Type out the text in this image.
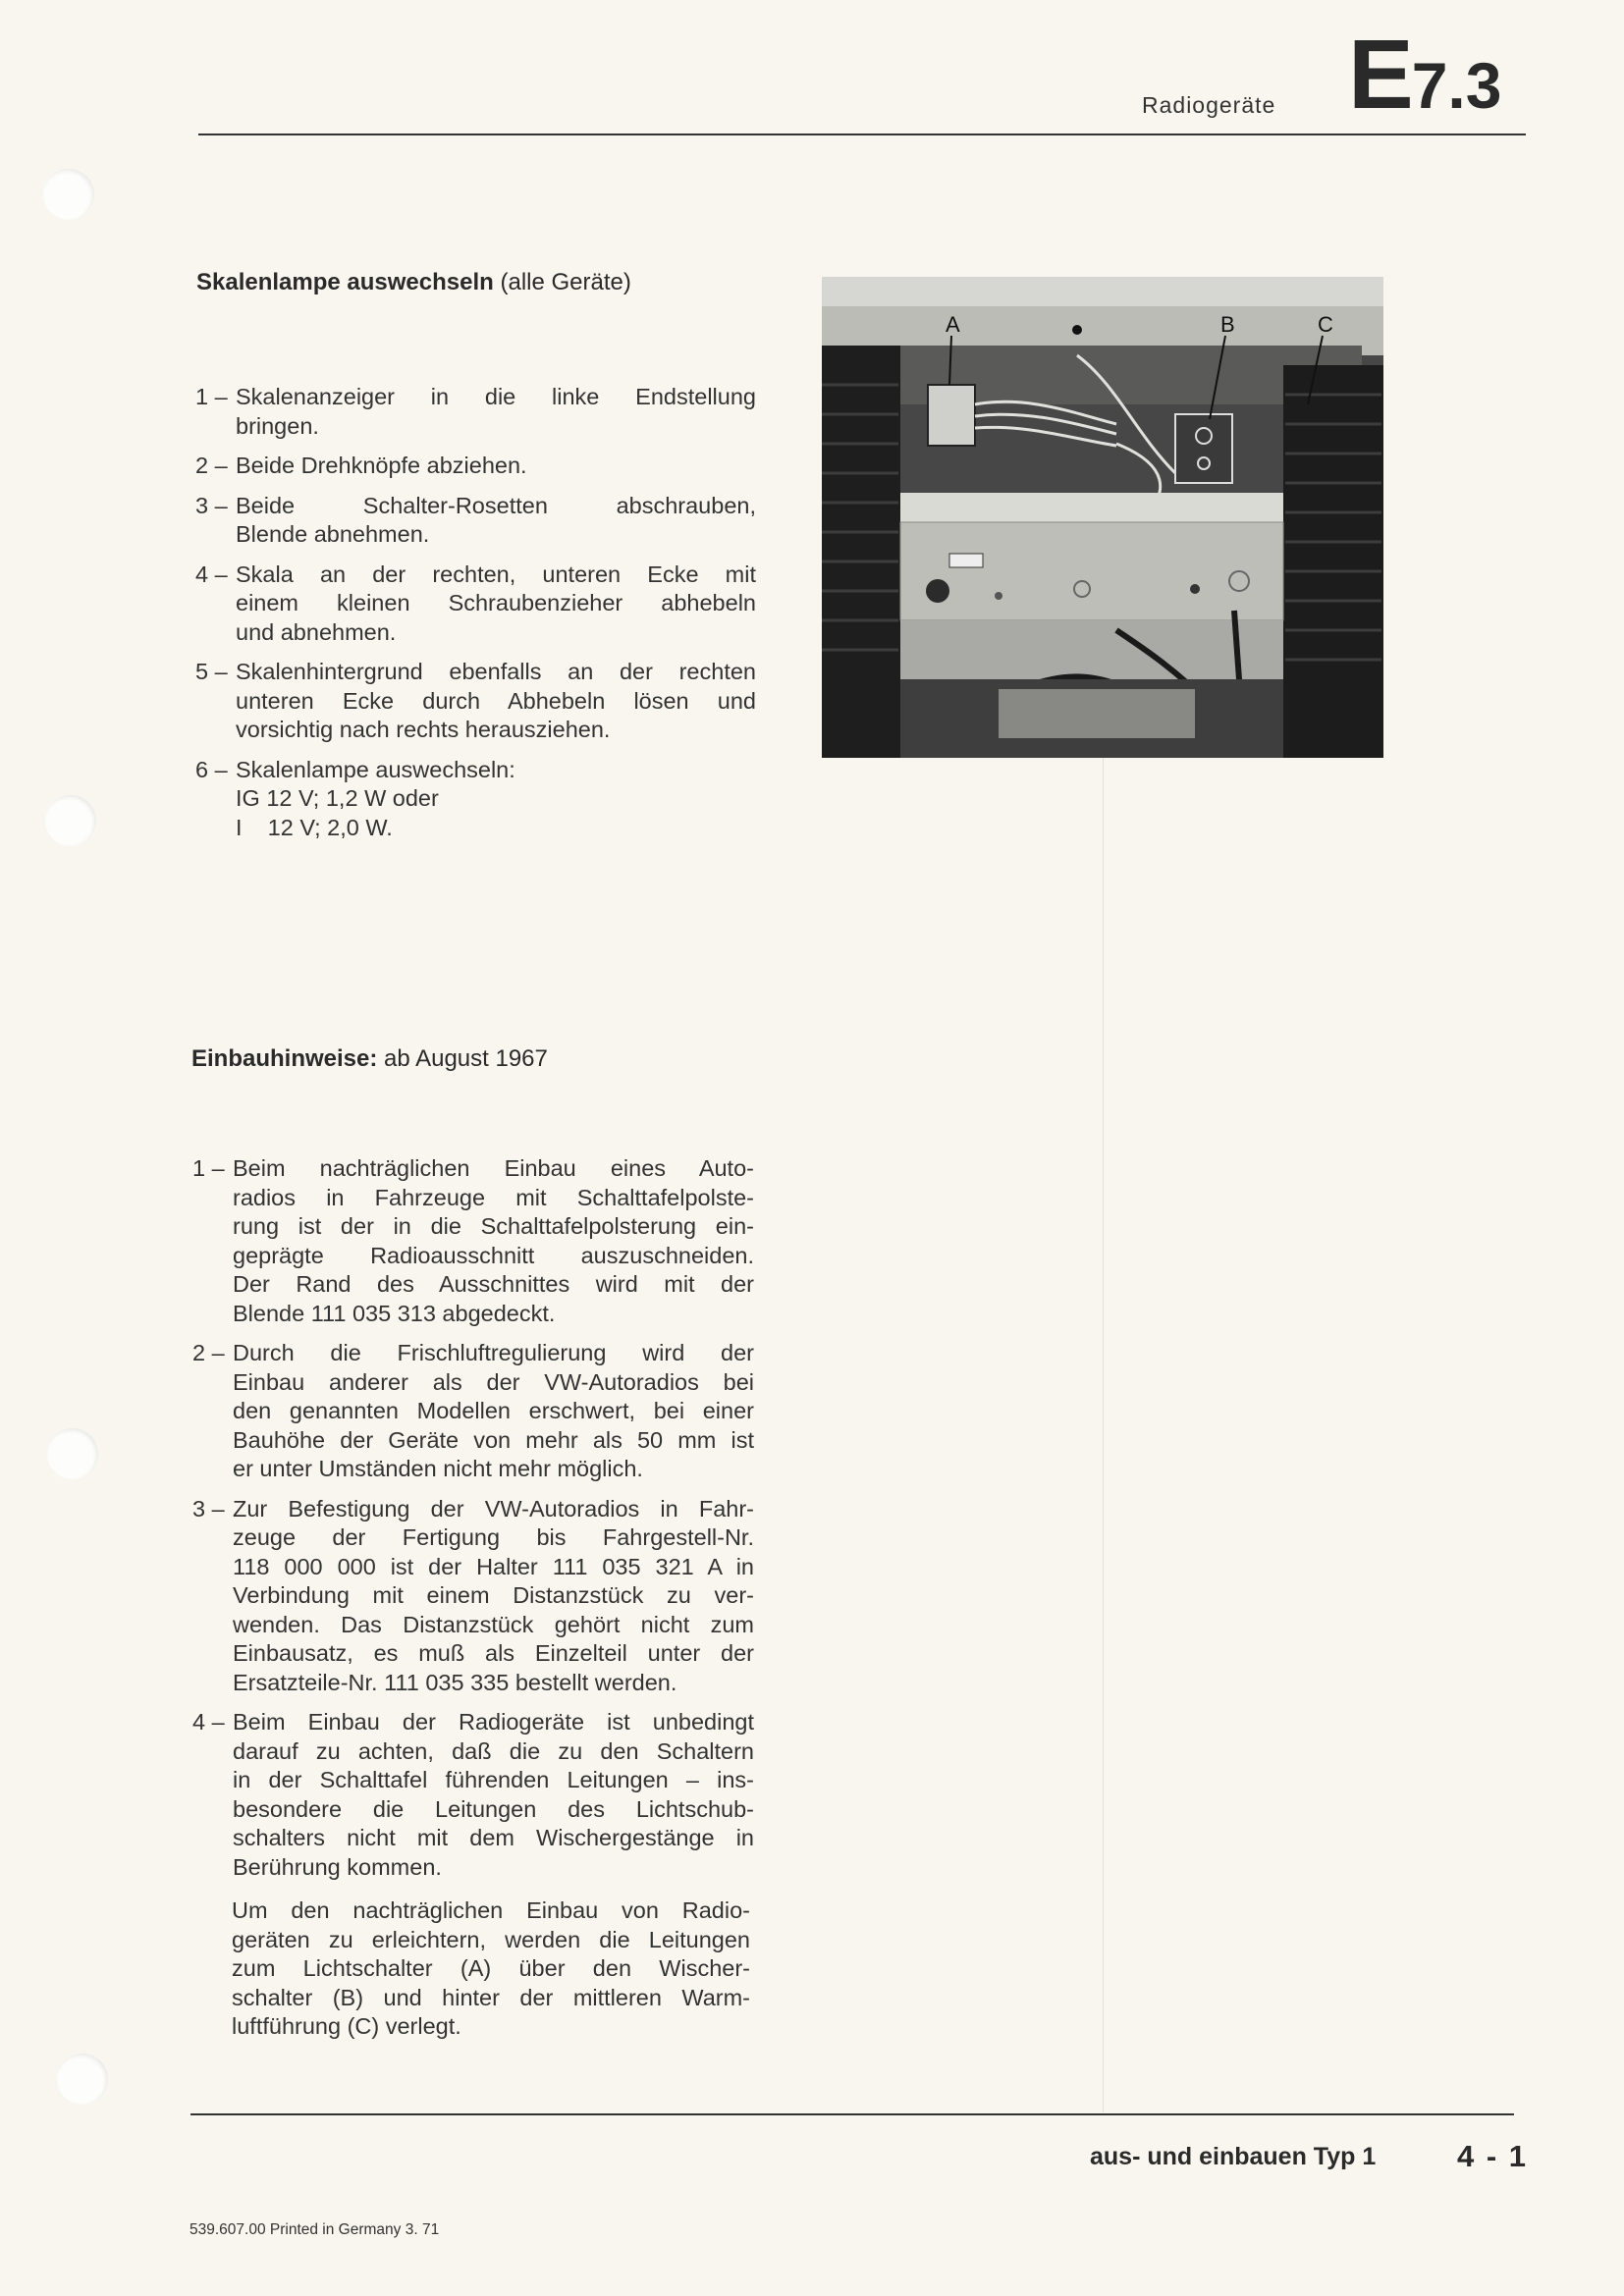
Radiogeräte E7.3
Skalenlampe auswechseln (alle Geräte)
1 – Skalenanzeiger in die linke Endstellung
bringen.
2 – Beide Drehknöpfe abziehen.
3 – Beide Schalter-Rosetten abschrauben,
Blende abnehmen.
4 – Skala an der rechten, unteren Ecke mit
einem kleinen Schraubenzieher abhebeln
und abnehmen.
5 – Skalenhintergrund ebenfalls an der rechten
unteren Ecke durch Abhebeln lösen und
vorsichtig nach rechts herausziehen.
6 – Skalenlampe auswechseln:
IG 12 V; 1,2 W oder
I    12 V; 2,0 W.
A	B	C
Einbauhinweise: ab August 1967
1 – Beim nachträglichen Einbau eines Auto-
radios in Fahrzeuge mit Schalttafelpolste-
rung ist der in die Schalttafelpolsterung ein-
geprägte Radioausschnitt auszuschneiden.
Der Rand des Ausschnittes wird mit der
Blende 111 035 313 abgedeckt.
2 – Durch die Frischluftregulierung wird der
Einbau anderer als der VW-Autoradios bei
den genannten Modellen erschwert, bei einer
Bauhöhe der Geräte von mehr als 50 mm ist
er unter Umständen nicht mehr möglich.
3 – Zur Befestigung der VW-Autoradios in Fahr-
zeuge der Fertigung bis Fahrgestell-Nr.
118 000 000 ist der Halter 111 035 321 A in
Verbindung mit einem Distanzstück zu ver-
wenden. Das Distanzstück gehört nicht zum
Einbausatz, es muß als Einzelteil unter der
Ersatzteile-Nr. 111 035 335 bestellt werden.
4 – Beim Einbau der Radiogeräte ist unbedingt
darauf zu achten, daß die zu den Schaltern
in der Schalttafel führenden Leitungen – ins-
besondere die Leitungen des Lichtschub-
schalters nicht mit dem Wischergestänge in
Berührung kommen.
Um den nachträglichen Einbau von Radio-
geräten zu erleichtern, werden die Leitungen
zum Lichtschalter (A) über den Wischer-
schalter (B) und hinter der mittleren Warm-
luftführung (C) verlegt.
aus- und einbauen Typ 1	4 - 1
539.607.00 Printed in Germany 3. 71
